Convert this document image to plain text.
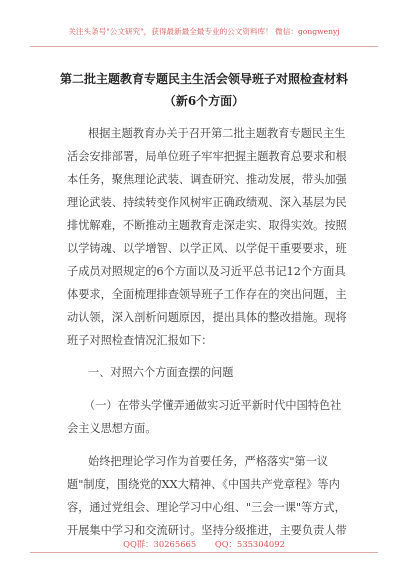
关注头条号"公文研究"，获得最新最全最专业的公文资料库！ 微信：gongwenyj
第二批主题教育专题民主生活会领导班子对照检查材料
（新6个方面）
根据主题教育办关于召开第二批主题教育专题民主生
活会安排部署，局单位班子牢牢把握主题教育总要求和根
本任务，聚焦理论武装、调查研究、推动发展，带头加强
理论武装、持续转变作风树牢正确政绩观、深入基层为民
排忧解难，不断推动主题教育走深走实、取得实效。按照
以学铸魂、以学增智、以学正风、以学促干重要要求，班
子成员对照规定的6个方面以及习近平总书记12个方面具
体要求，全面梳理排查领导班子工作存在的突出问题，主
动认领，深入剖析问题原因，提出具体的整改措施。现将
班子对照检查情况汇报如下：
一、对照六个方面查摆的问题
（一）在带头学懂弄通做实习近平新时代中国特色社
会主义思想方面。
始终把理论学习作为首要任务，严格落实"第一议
题"制度，围绕党的XX大精神、《中国共产党章程》等内
容，通过党组会、理论学习中心组、"三会一课"等方式，
开展集中学习和交流研讨。坚持分级推进，主要负责人带
QQ群：30265665 QQ：535304092
